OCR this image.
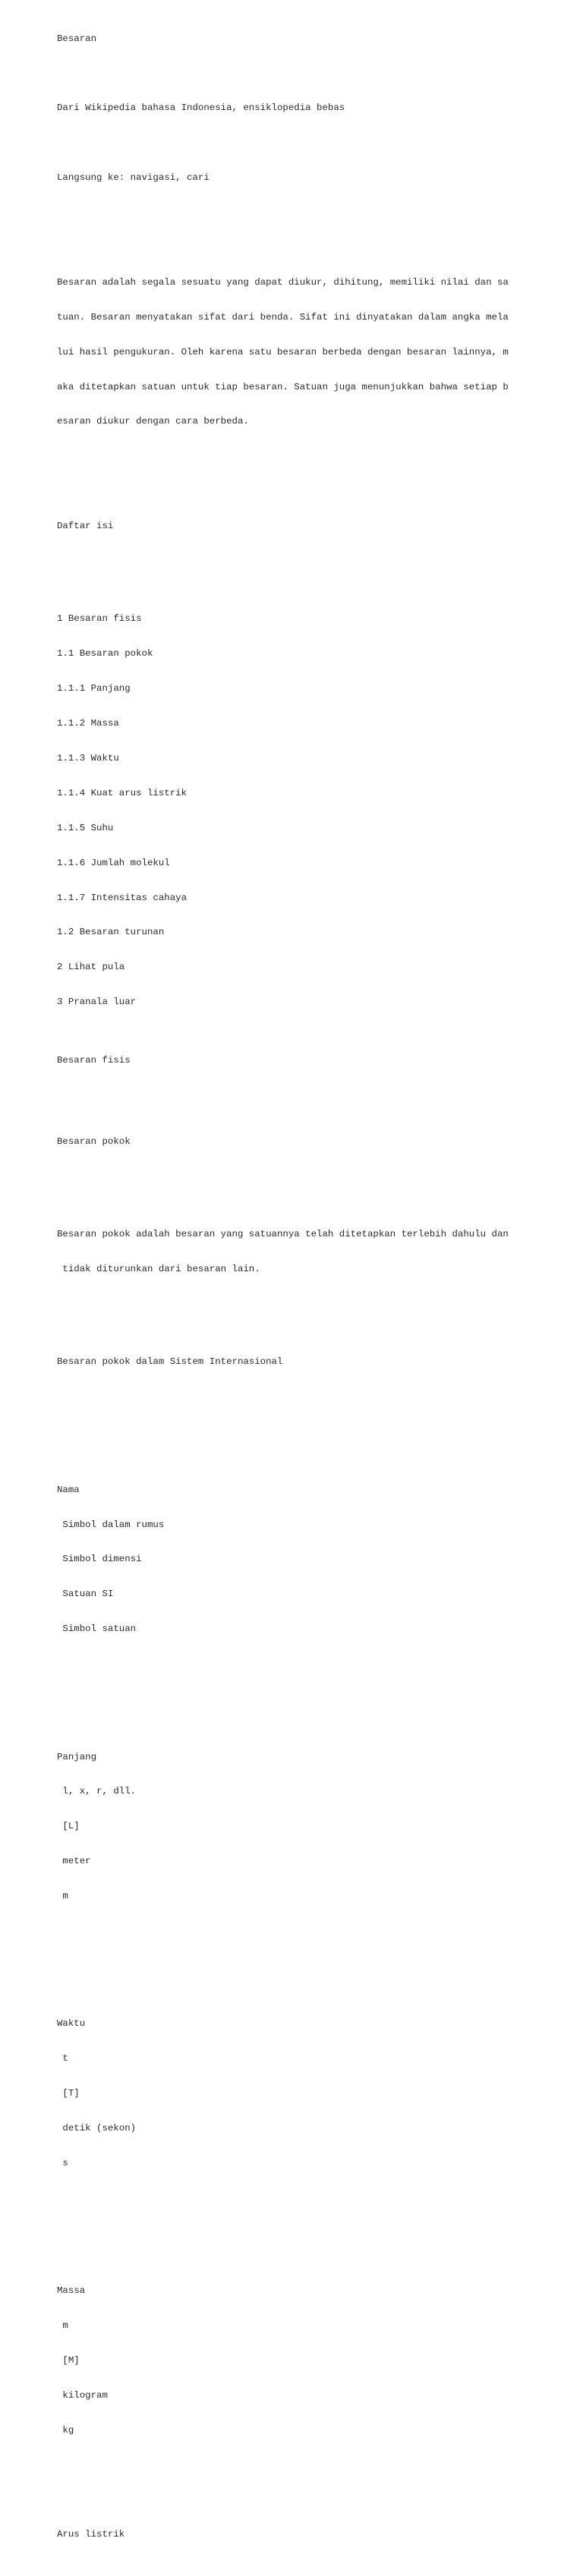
Besaran

Dari Wikipedia bahasa Indonesia, ensiklopedia bebas

Langsung ke: navigasi, cari

Besaran adalah segala sesuatu yang dapat diukur, dihitung, memiliki nilai dan sa

tuan. Besaran menyatakan sifat dari benda. Sifat ini dinyatakan dalam angka mela

lui hasil pengukuran. Oleh karena satu besaran berbeda dengan besaran lainnya, m

aka ditetapkan satuan untuk tiap besaran. Satuan juga menunjukkan bahwa setiap b

esaran diukur dengan cara berbeda.

Daftar isi

1 Besaran fisis

1.1 Besaran pokok

1.1.1 Panjang

1.1.2 Massa

1.1.3 Waktu

1.1.4 Kuat arus listrik

1.1.5 Suhu

1.1.6 Jumlah molekul

1.1.7 Intensitas cahaya

1.2 Besaran turunan

2 Lihat pula

3 Pranala luar

Besaran fisis

Besaran pokok

Besaran pokok adalah besaran yang satuannya telah ditetapkan terlebih dahulu dan

tidak diturunkan dari besaran lain.

Besaran pokok dalam Sistem Internasional

Nama

Simbol dalam rumus

Simbol dimensi

Satuan SI

Simbol satuan

Panjang

l, x, r, dll.

[L]

meter

m

Waktu

t

[T]

detik (sekon)

s

Massa

m

[M]

kilogram

kg

Arus listrik
